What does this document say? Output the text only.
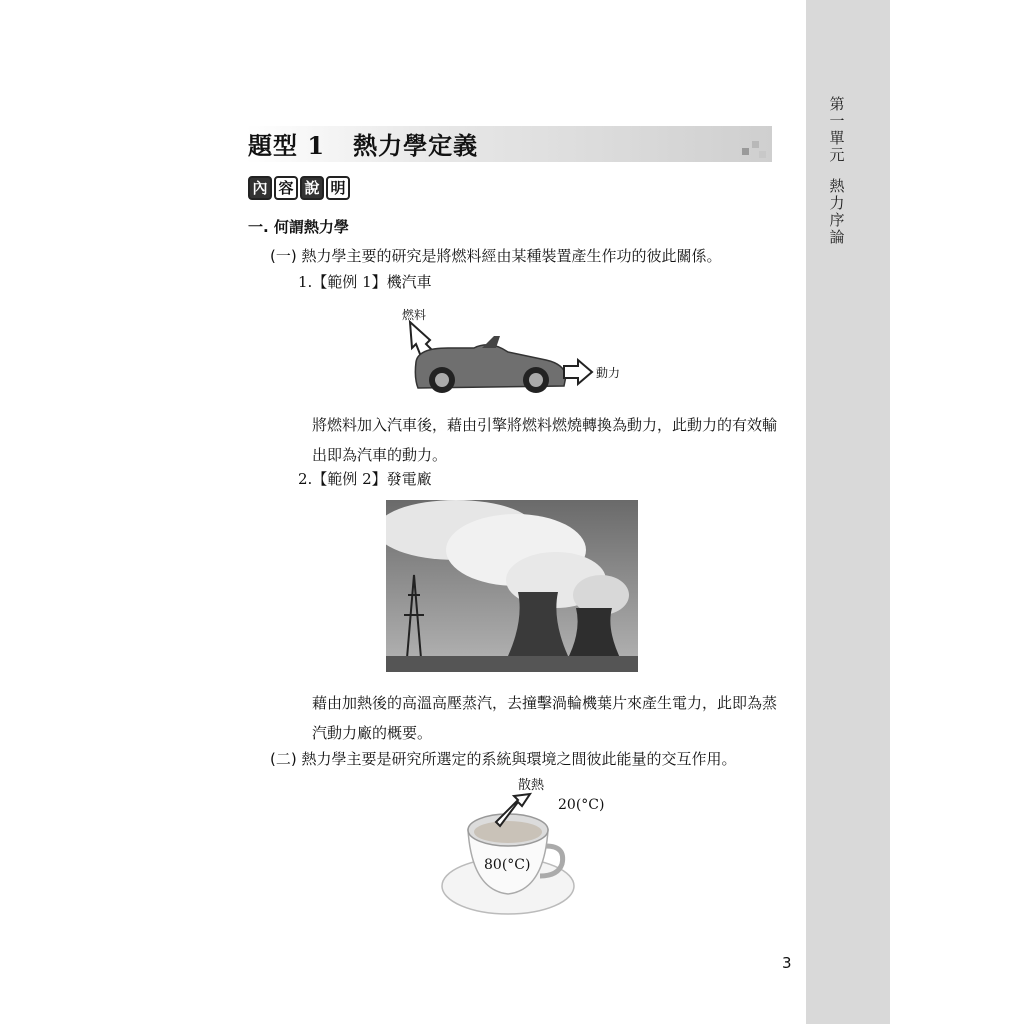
第
一
單
元
熱
力
序
論
題型 1   熱力學定義
內 容 說 明
一. 何謂熱力學
(一) 熱力學主要的研究是將燃料經由某種裝置產生作功的彼此關係。
1.【範例 1】機汽車
燃料
動力
將燃料加入汽車後，藉由引擎將燃料燃燒轉換為動力，此動力的有效輸出即為汽車的動力。
2.【範例 2】發電廠
藉由加熱後的高溫高壓蒸汽，去撞擊渦輪機葉片來產生電力，此即為蒸汽動力廠的概要。
(二) 熱力學主要是研究所選定的系統與環境之間彼此能量的交互作用。
散熱
20(°C)
80(°C)
3
